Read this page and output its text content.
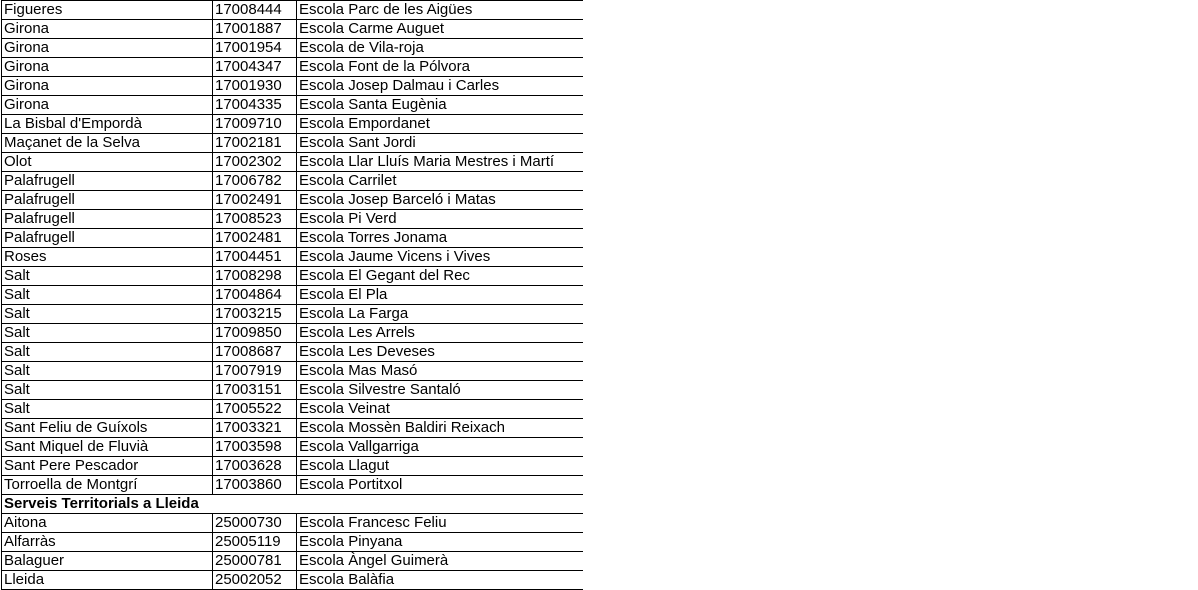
Figueres	17008444	Escola Parc de les Aigües
Girona	17001887	Escola Carme Auguet
Girona	17001954	Escola de Vila-roja
Girona	17004347	Escola Font de la Pólvora
Girona	17001930	Escola Josep Dalmau i Carles
Girona	17004335	Escola Santa Eugènia
La Bisbal d'Empordà	17009710	Escola Empordanet
Maçanet de la Selva	17002181	Escola Sant Jordi
Olot	17002302	Escola Llar Lluís Maria Mestres i Martí
Palafrugell	17006782	Escola Carrilet
Palafrugell	17002491	Escola Josep Barceló i Matas
Palafrugell	17008523	Escola Pi Verd
Palafrugell	17002481	Escola Torres Jonama
Roses	17004451	Escola Jaume Vicens i Vives
Salt	17008298	Escola El Gegant del Rec
Salt	17004864	Escola El Pla
Salt	17003215	Escola La Farga
Salt	17009850	Escola Les Arrels
Salt	17008687	Escola Les Deveses
Salt	17007919	Escola Mas Masó
Salt	17003151	Escola Silvestre Santaló
Salt	17005522	Escola Veinat
Sant Feliu de Guíxols	17003321	Escola Mossèn Baldiri Reixach
Sant Miquel de Fluvià	17003598	Escola Vallgarriga
Sant Pere Pescador	17003628	Escola Llagut
Torroella de Montgrí	17003860	Escola Portitxol
Serveis Territorials a Lleida		
Aitona	25000730	Escola Francesc Feliu
Alfarràs	25005119	Escola Pinyana
Balaguer	25000781	Escola Àngel Guimerà
Lleida	25002052	Escola Balàfia
